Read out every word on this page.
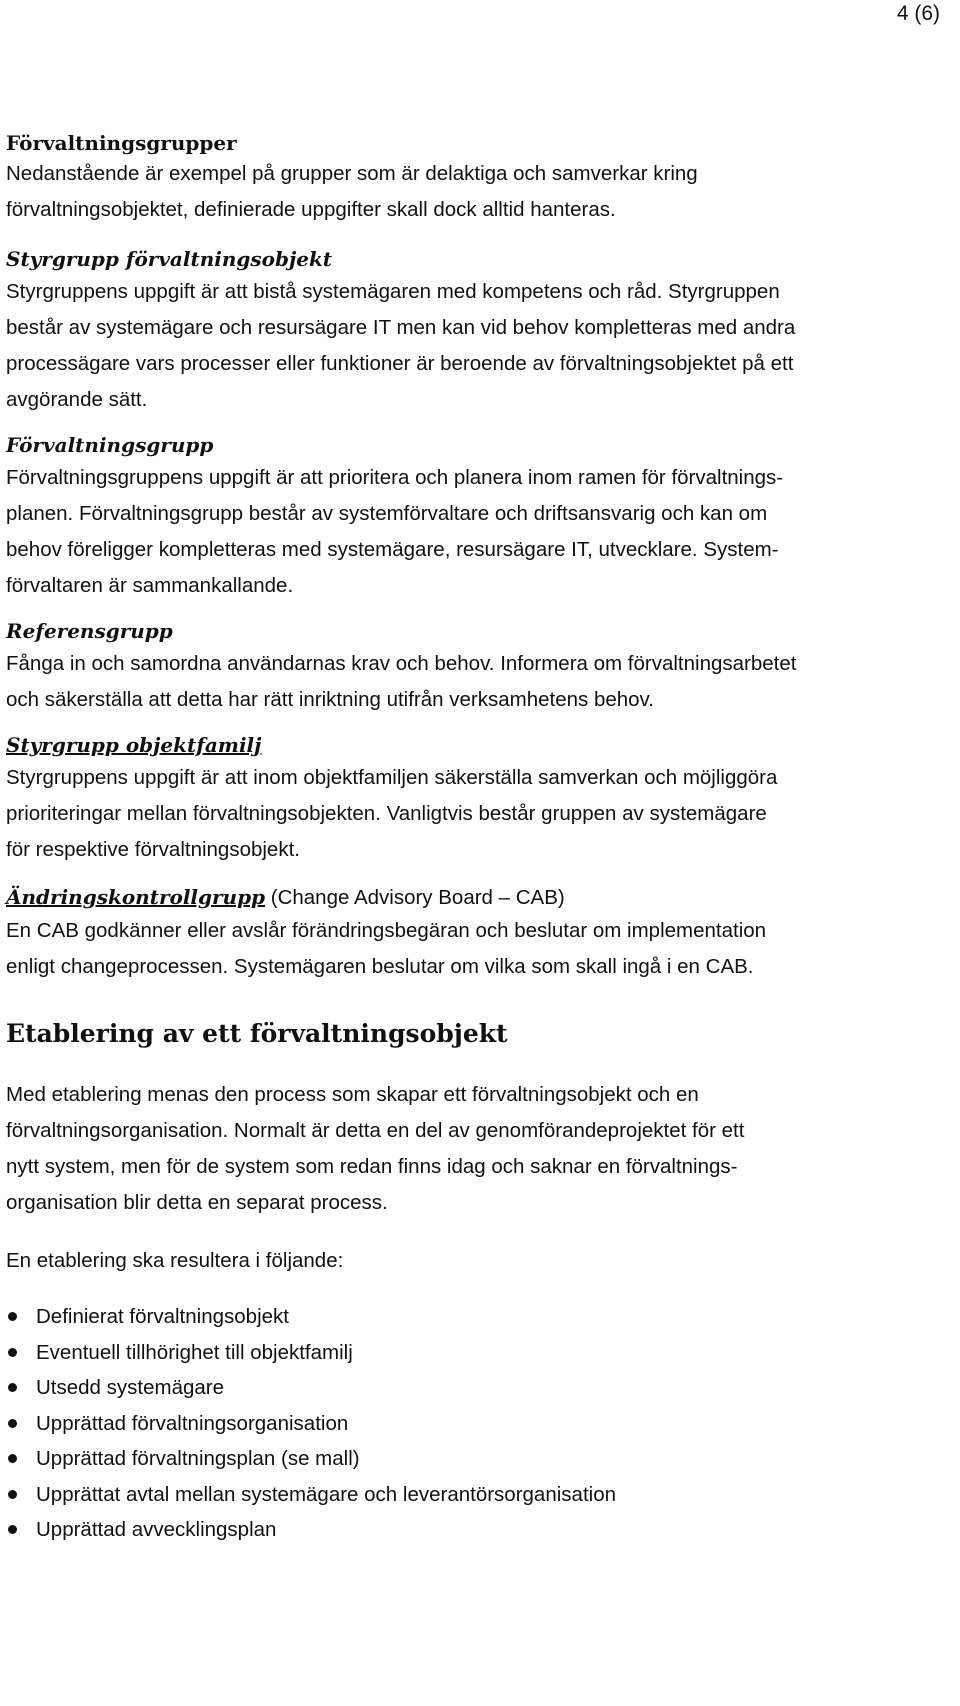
4 (6)

Förvaltningsgrupper

Nedanstående är exempel på grupper som är delaktiga och samverkar kring

förvaltningsobjektet, definierade uppgifter skall dock alltid hanteras.

Styrgrupp förvaltningsobjekt

Styrgruppens uppgift är att bistå systemägaren med kompetens och råd. Styrgruppen

består av systemägare och resursägare IT men kan vid behov kompletteras med andra

processägare vars processer eller funktioner är beroende av förvaltningsobjektet på ett

avgörande sätt.

Förvaltningsgrupp

Förvaltningsgruppens uppgift är att prioritera och planera inom ramen för förvaltnings-

planen. Förvaltningsgrupp består av systemförvaltare och driftsansvarig och kan om

behov föreligger kompletteras med systemägare, resursägare IT, utvecklare. System-

förvaltaren är sammankallande.

Referensgrupp

Fånga in och samordna användarnas krav och behov. Informera om förvaltningsarbetet

och säkerställa att detta har rätt inriktning utifrån verksamhetens behov.

Styrgrupp objektfamilj

Styrgruppens uppgift är att inom objektfamiljen säkerställa samverkan och möjliggöra

prioriteringar mellan förvaltningsobjekten. Vanligtvis består gruppen av systemägare

för respektive förvaltningsobjekt.

Ändringskontrollgrupp (Change Advisory Board – CAB)

En CAB godkänner eller avslår förändringsbegäran och beslutar om implementation

enligt changeprocessen. Systemägaren beslutar om vilka som skall ingå i en CAB.

Etablering av ett förvaltningsobjekt

Med etablering menas den process som skapar ett förvaltningsobjekt och en

förvaltningsorganisation. Normalt är detta en del av genomförandeprojektet för ett

nytt system, men för de system som redan finns idag och saknar en förvaltnings-

organisation blir detta en separat process.

En etablering ska resultera i följande:

Definierat förvaltningsobjekt
Eventuell tillhörighet till objektfamilj
Utsedd systemägare
Upprättad förvaltningsorganisation
Upprättad förvaltningsplan (se mall)
Upprättat avtal mellan systemägare och leverantörsorganisation
Upprättad avvecklingsplan
